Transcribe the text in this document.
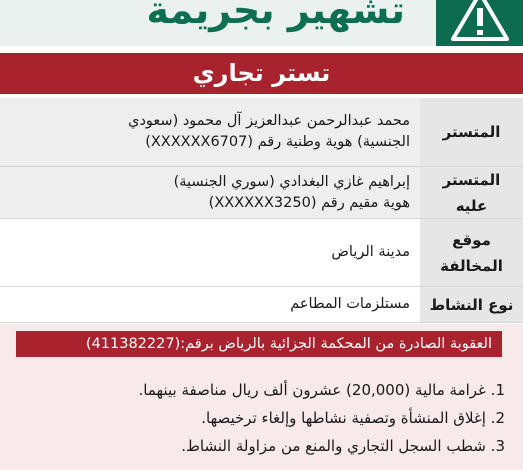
تشهير بجريمة
تستر تجاري
المتستر
محمد عبدالرحمن عبدالعزيز آل محمود (سعودي
الجنسية) هوية وطنية رقم (XXXXXX6707)
المتستر عليه
إبراهيم غازي البغدادي (سوري الجنسية)
هوية مقيم رقم (XXXXXX3250)
موقع المخالفة
مدينة الرياض
نوع النشاط
مستلزمات المطاعم
العقوبة الصادرة من المحكمة الجزائية بالرياض برقم:(411382227)
1. غرامة مالية (20,000) عشرون ألف ريال مناصفة بينهما.
2. إغلاق المنشأة وتصفية نشاطها وإلغاء ترخيصها.
3. شطب السجل التجاري والمنع من مزاولة النشاط.
